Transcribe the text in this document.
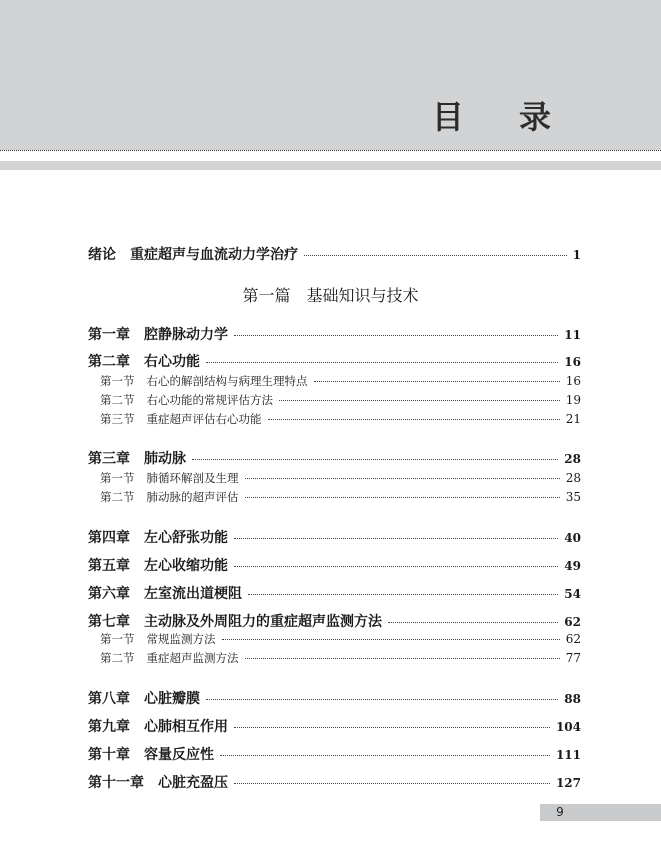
目 录
绪论 重症超声与血流动力学治疗	1
第一章 腔静脉动力学	11
第二章 右心功能	16
第一节 右心的解剖结构与病理生理特点	16
第二节 右心功能的常规评估方法	19
第三节 重症超声评估右心功能	21
第三章 肺动脉	28
第一节 肺循环解剖及生理	28
第二节 肺动脉的超声评估	35
第四章 左心舒张功能	40
第五章 左心收缩功能	49
第六章 左室流出道梗阻	54
第七章 主动脉及外周阻力的重症超声监测方法	62
第一节 常规监测方法	62
第二节 重症超声监测方法	77
第八章 心脏瓣膜	88
第九章 心肺相互作用	104
第十章 容量反应性	111
第十一章 心脏充盈压	127
第一篇 基础知识与技术
9
